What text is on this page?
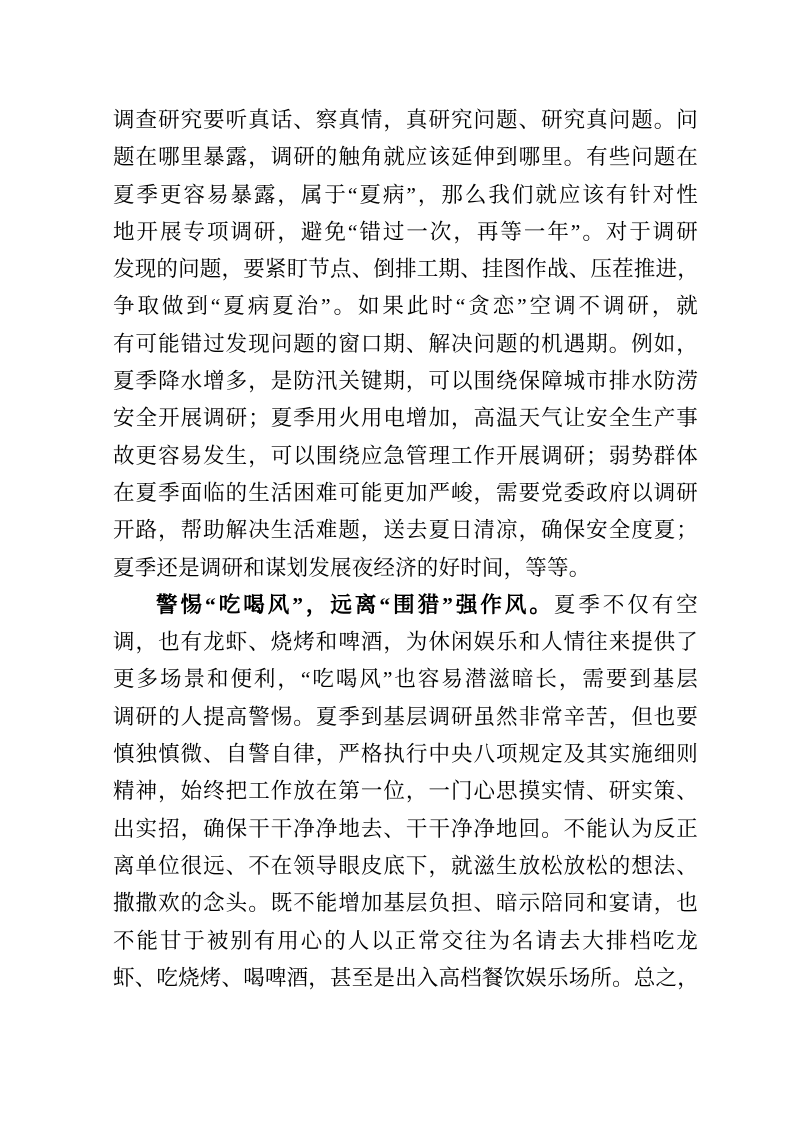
调查研究要听真话、察真情，真研究问题、研究真问题。问
题在哪里暴露，调研的触角就应该延伸到哪里。有些问题在
夏季更容易暴露，属于“夏病”，那么我们就应该有针对性
地开展专项调研，避免“错过一次，再等一年”。对于调研
发现的问题，要紧盯节点、倒排工期、挂图作战、压茬推进，
争取做到“夏病夏治”。如果此时“贪恋”空调不调研，就
有可能错过发现问题的窗口期、解决问题的机遇期。例如，
夏季降水增多，是防汛关键期，可以围绕保障城市排水防涝
安全开展调研；夏季用火用电增加，高温天气让安全生产事
故更容易发生，可以围绕应急管理工作开展调研；弱势群体
在夏季面临的生活困难可能更加严峻，需要党委政府以调研
开路，帮助解决生活难题，送去夏日清凉，确保安全度夏；
夏季还是调研和谋划发展夜经济的好时间，等等。
警惕“吃喝风”，远离“围猎”强作风。夏季不仅有空
调，也有龙虾、烧烤和啤酒，为休闲娱乐和人情往来提供了
更多场景和便利，“吃喝风”也容易潜滋暗长，需要到基层
调研的人提高警惕。夏季到基层调研虽然非常辛苦，但也要
慎独慎微、自警自律，严格执行中央八项规定及其实施细则
精神，始终把工作放在第一位，一门心思摸实情、研实策、
出实招，确保干干净净地去、干干净净地回。不能认为反正
离单位很远、不在领导眼皮底下，就滋生放松放松的想法、
撒撒欢的念头。既不能增加基层负担、暗示陪同和宴请，也
不能甘于被别有用心的人以正常交往为名请去大排档吃龙
虾、吃烧烤、喝啤酒，甚至是出入高档餐饮娱乐场所。总之，
